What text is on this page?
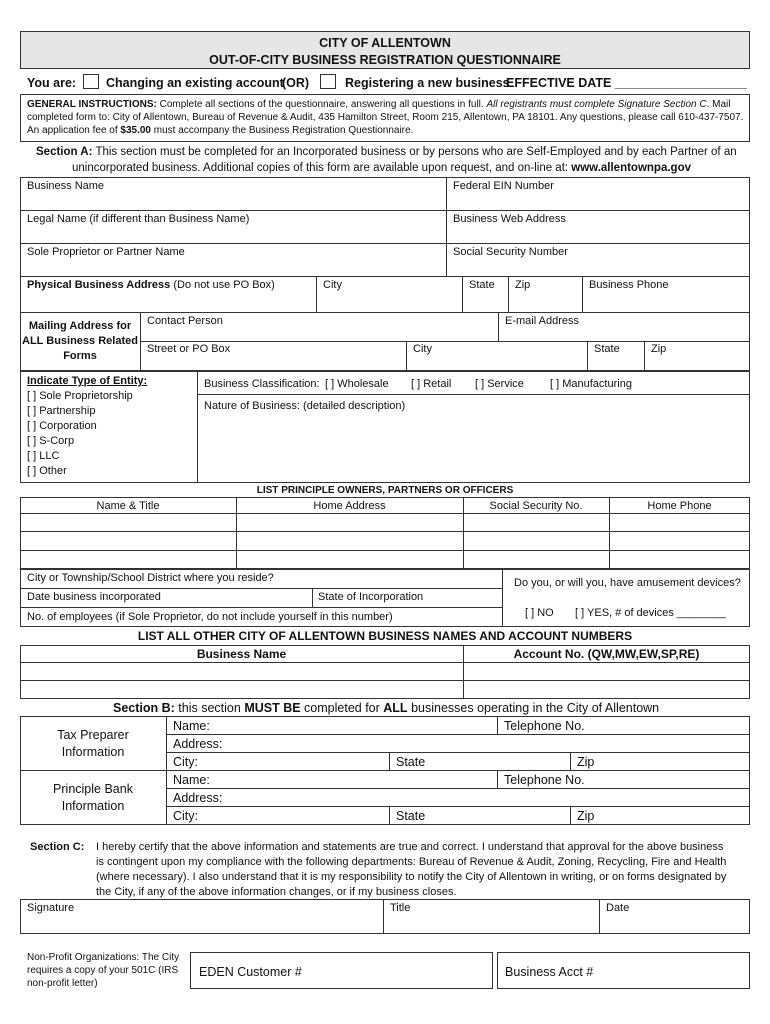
CITY OF ALLENTOWN
OUT-OF-CITY BUSINESS REGISTRATION QUESTIONNAIRE
You are: Changing an existing account
(OR)	Registering a new business
EFFECTIVE DATE ___________________
GENERAL INSTRUCTIONS: Complete all sections of the questionnaire, answering all questions in full. All registrants must complete Signature Section C. Mail
completed form to: City of Allentown, Bureau of Revenue & Audit, 435 Hamilton Street, Room 215, Allentown, PA 18101. Any questions, please call 610-437-7507.
An application fee of $35.00 must accompany the Business Registration Questionnaire.
Section A: This section must be completed for an Incorporated business or by persons who are Self-Employed and by each Partner of an
unincorporated business. Additional copies of this form are available upon request, and on-line at: www.allentownpa.gov
Business Name	Federal EIN Number
Legal Name (if different than Business Name)	Business Web Address
Sole Proprietor or Partner Name	Social Security Number
Physical Business Address (Do not use PO Box)	City	State Zip	Business Phone
Mailing Address for
ALL Business Related
Forms
Contact Person	E-mail Address
Street or PO Box	City	State	Zip
Indicate Type of Entity:
[ ] Sole Proprietorship
[ ] Partnership
[ ] Corporation
[ ] S-Corp
[ ] LLC
[ ] Other
Business Classification: [ ] Wholesale [ ] Retail [ ] Service [ ] Manufacturing
Nature of Business: (detailed description)
LIST PRINCIPLE OWNERS, PARTNERS OR OFFICERS
Name & Title	Home Address	Social Security No.	Home Phone
City or Township/School District where you reside?
Date business incorporated	State of Incorporation
No. of employees (if Sole Proprietor, do not include yourself in this number)
Do you, or will you, have amusement devices?
[ ] NO [ ] YES, # of devices ________
LIST ALL OTHER CITY OF ALLENTOWN BUSINESS NAMES AND ACCOUNT NUMBERS
Business Name	Account No. (QW,MW,EW,SP,RE)
Section B: this section MUST BE completed for ALL businesses operating in the City of Allentown
Tax Preparer
Information
Principle Bank
Information
Name:	Telephone No.
Address:
City:	State	Zip
Name:	Telephone No.
Address:
City:	State	Zip
Section C: I hereby certify that the above information and statements are true and correct. I understand that approval for the above business
is contingent upon my compliance with the following departments: Bureau of Revenue & Audit, Zoning, Recycling, Fire and Health
(where necessary). I also understand that it is my responsibility to notify the City of Allentown in writing, or on forms designated by
the City, if any of the above information changes, or if my business closes.
Signature	Title	Date
Non-Profit Organizations: The City
requires a copy of your 501C (IRS
non-profit letter)
EDEN Customer #	Business Acct #
